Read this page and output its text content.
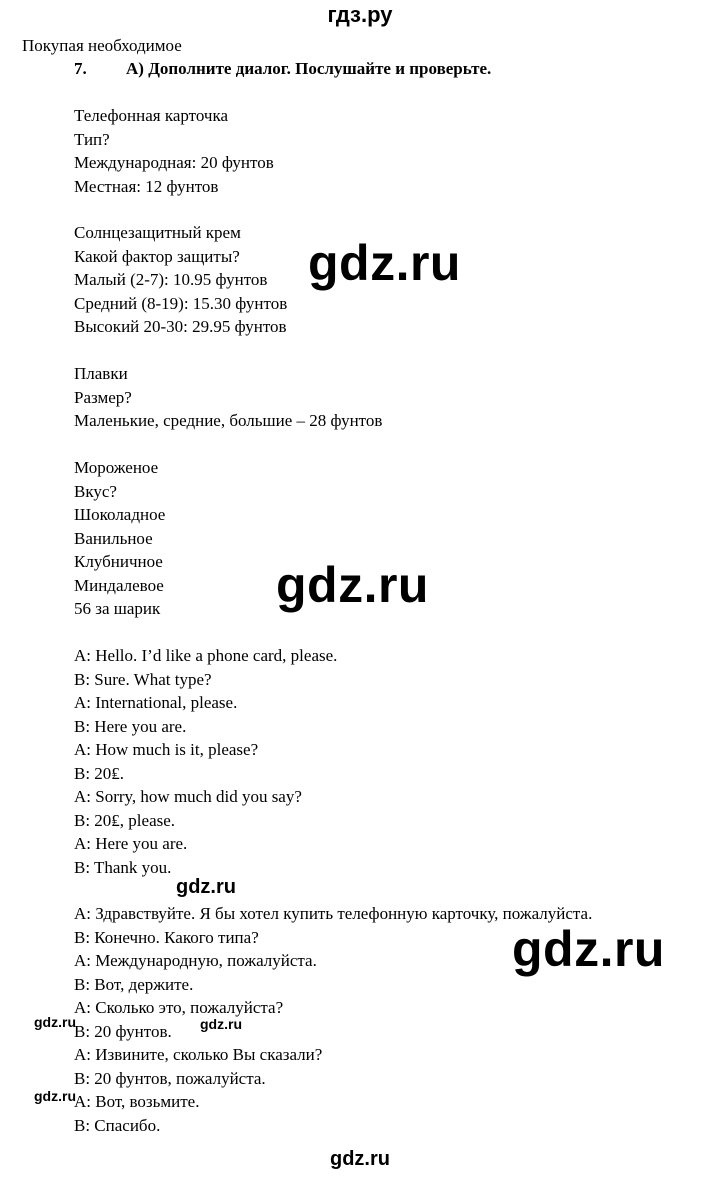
гдз.ру
Покупая необходимое
7. A) Дополните диалог. Послушайте и проверьте.
Телефонная карточка
Тип?
Международная: 20 фунтов
Местная: 12 фунтов
Солнцезащитный крем
Какой фактор защиты?
Малый (2-7): 10.95 фунтов
Средний (8-19): 15.30 фунтов
Высокий 20-30: 29.95 фунтов
Плавки
Размер?
Маленькие, средние, большие – 28 фунтов
Мороженое
Вкус?
Шоколадное
Ванильное
Клубничное
Миндалевое
56 за шарик
A: Hello. I’d like a phone card, please.
B: Sure. What type?
A: International, please.
B: Here you are.
A: How much is it, please?
B: 20₤.
A: Sorry, how much did you say?
B: 20₤, please.
A: Here you are.
B: Thank you.
A: Здравствуйте. Я бы хотел купить телефонную карточку, пожалуйста.
B: Конечно. Какого типа?
A: Международную, пожалуйста.
B: Вот, держите.
A: Сколько это, пожалуйста?
B: 20 фунтов.
A: Извините, сколько Вы сказали?
B: 20 фунтов, пожалуйста.
A: Вот, возьмите.
B: Спасибо.
gdz.ru
gdz.ru
gdz.ru
gdz.ru
gdz.ru	gdz.ru
gdz.ru
gdz.ru
